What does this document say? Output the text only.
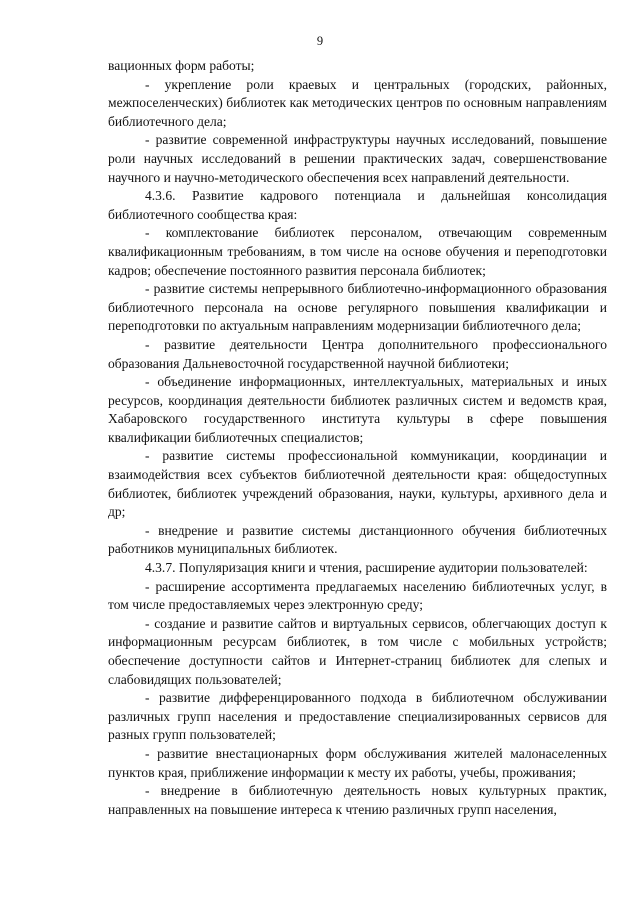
9

вационных форм работы;

- укрепление роли краевых и центральных (городских, районных, межпоселенческих) библиотек как методических центров по основным направлениям библиотечного дела;

- развитие современной инфраструктуры научных исследований, повышение роли научных исследований в решении практических задач, совершенствование научного и научно-методического обеспечения всех направлений деятельности.

4.3.6. Развитие кадрового потенциала и дальнейшая консолидация библиотечного сообщества края:

- комплектование библиотек персоналом, отвечающим современным квалификационным требованиям, в том числе на основе обучения и переподготовки кадров; обеспечение постоянного развития персонала библиотек;

- развитие системы непрерывного библиотечно-информационного образования библиотечного персонала на основе регулярного повышения квалификации и переподготовки по актуальным направлениям модернизации библиотечного дела;

- развитие деятельности Центра дополнительного профессионального образования Дальневосточной государственной научной библиотеки;

- объединение информационных, интеллектуальных, материальных и иных ресурсов, координация деятельности библиотек различных систем и ведомств края, Хабаровского государственного института культуры в сфере повышения квалификации библиотечных специалистов;

- развитие системы профессиональной коммуникации, координации и взаимодействия всех субъектов библиотечной деятельности края: общедоступных библиотек, библиотек учреждений образования, науки, культуры, архивного дела и др;

- внедрение и развитие системы дистанционного обучения библиотечных работников муниципальных библиотек.

4.3.7. Популяризация книги и чтения, расширение аудитории пользователей:

- расширение ассортимента предлагаемых населению библиотечных услуг, в том числе предоставляемых через электронную среду;

- создание и развитие сайтов и виртуальных сервисов, облегчающих доступ к информационным ресурсам библиотек, в том числе с мобильных устройств; обеспечение доступности сайтов и Интернет-страниц библиотек для слепых и слабовидящих пользователей;

- развитие дифференцированного подхода в библиотечном обслуживании различных групп населения и предоставление специализированных сервисов для разных групп пользователей;

- развитие внестационарных форм обслуживания жителей малонаселенных пунктов края, приближение информации к месту их работы, учебы, проживания;

- внедрение в библиотечную деятельность новых культурных практик, направленных на повышение интереса к чтению различных групп населения,
